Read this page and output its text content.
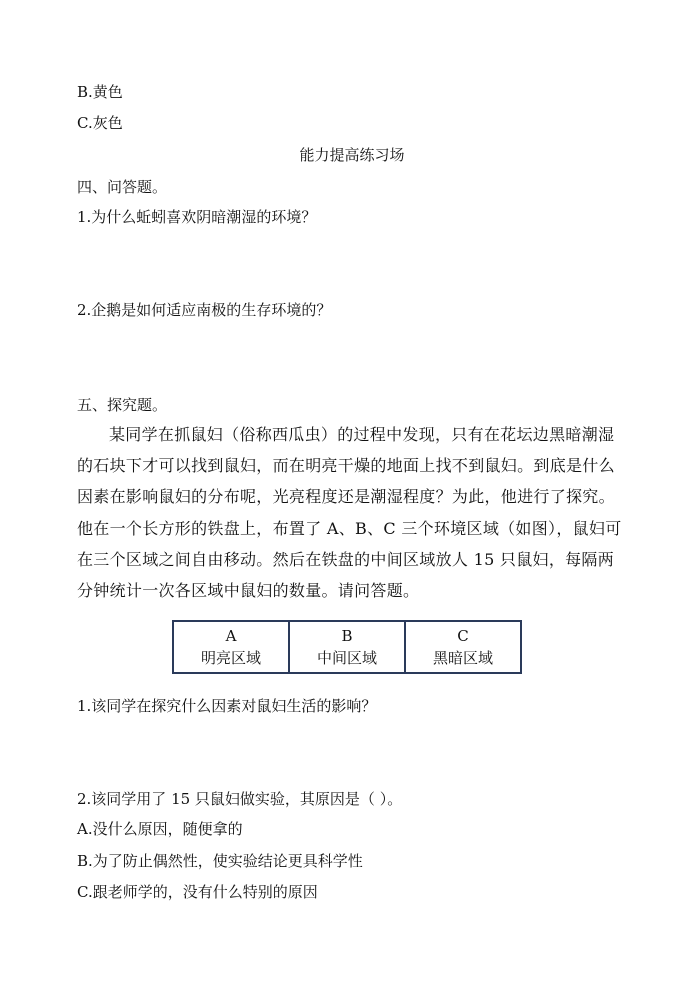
B.黄色
C.灰色
能力提高练习场
四、问答题。
1.为什么蚯蚓喜欢阴暗潮湿的环境？
2.企鹅是如何适应南极的生存环境的？
五、探究题。
某同学在抓鼠妇（俗称西瓜虫）的过程中发现，只有在花坛边黑暗潮湿的石块下才可以找到鼠妇，而在明亮干燥的地面上找不到鼠妇。到底是什么因素在影响鼠妇的分布呢，光亮程度还是潮湿程度？为此，他进行了探究。他在一个长方形的铁盘上，布置了 A、B、C 三个环境区域（如图），鼠妇可在三个区域之间自由移动。然后在铁盘的中间区域放人 15 只鼠妇，每隔两分钟统计一次各区域中鼠妇的数量。请问答题。
A
明亮区域

B
中间区域

C
黑暗区域
1.该同学在探究什么因素对鼠妇生活的影响？
2.该同学用了 15 只鼠妇做实验，其原因是（ ）。
A.没什么原因，随便拿的
B.为了防止偶然性，使实验结论更具科学性
C.跟老师学的，没有什么特别的原因
